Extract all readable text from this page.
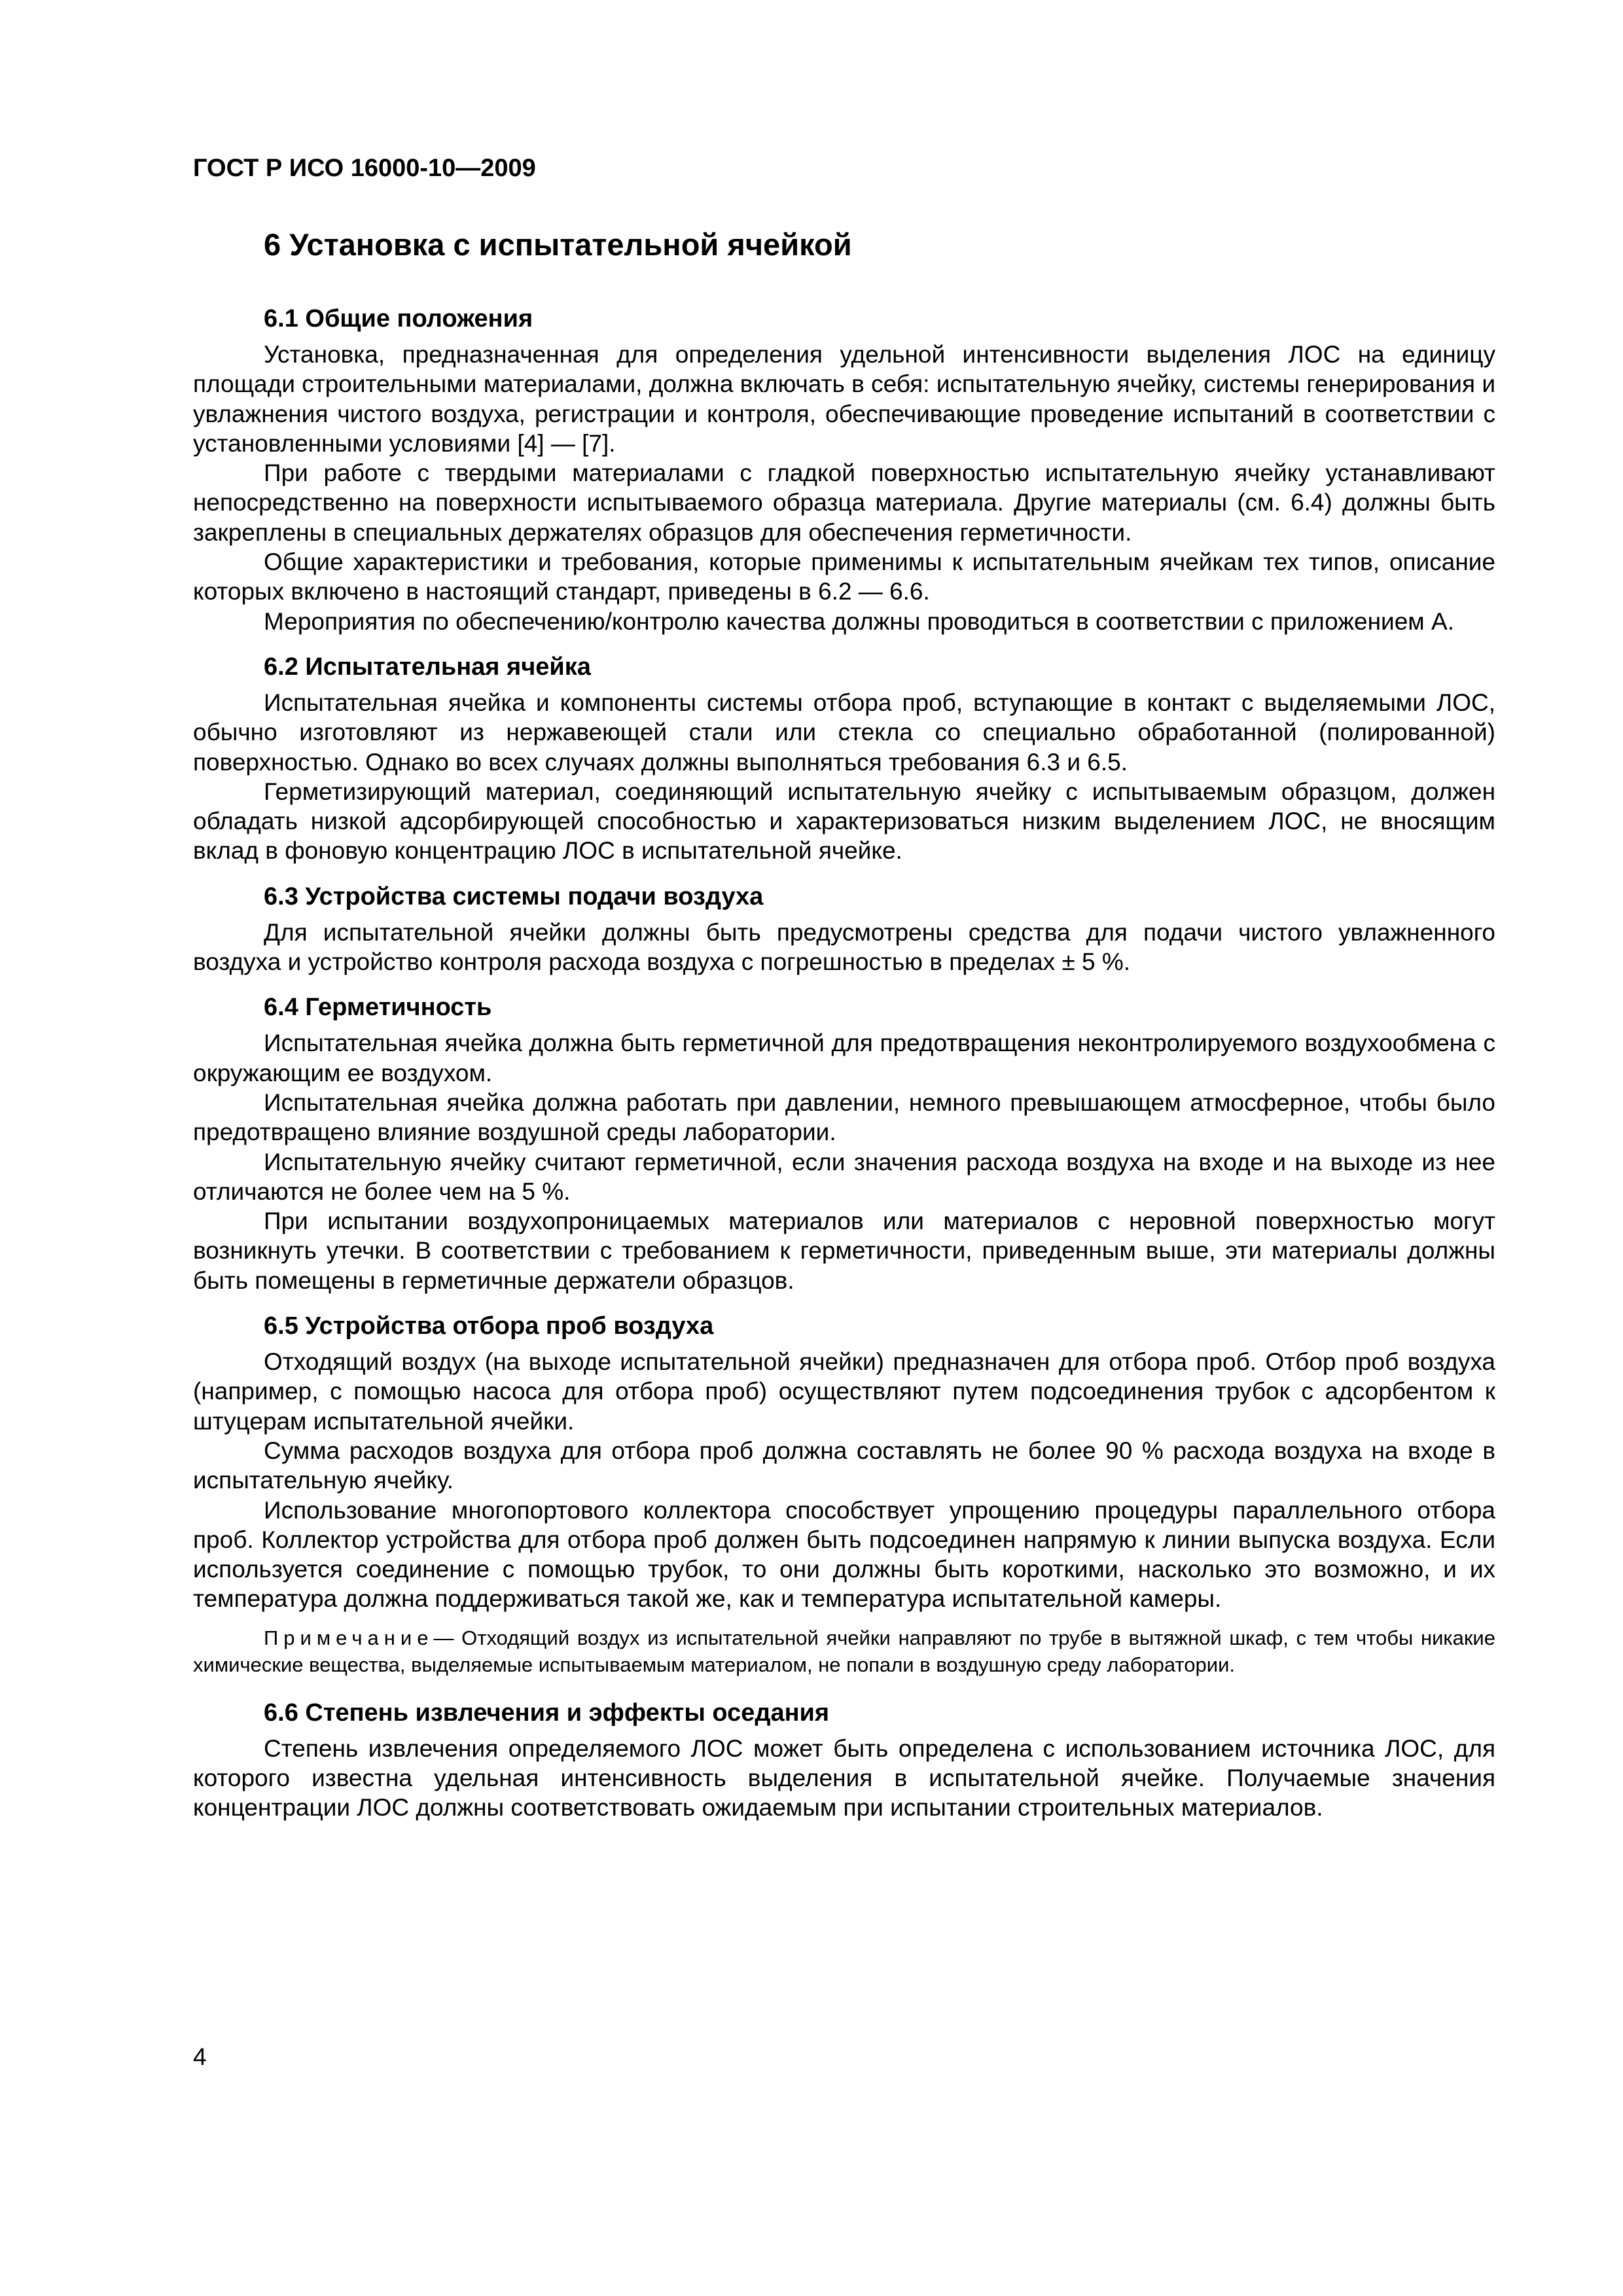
ГОСТ Р ИСО 16000-10—2009
6 Установка с испытательной ячейкой
6.1 Общие положения

Установка, предназначенная для определения удельной интенсивности выделения ЛОС на единицу площади строительными материалами, должна включать в себя: испытательную ячейку, системы генерирования и увлажнения чистого воздуха, регистрации и контроля, обеспечивающие проведение испытаний в соответствии с установленными условиями [4] — [7].

При работе с твердыми материалами с гладкой поверхностью испытательную ячейку устанавливают непосредственно на поверхности испытываемого образца материала. Другие материалы (см. 6.4) должны быть закреплены в специальных держателях образцов для обеспечения герметичности.

Общие характеристики и требования, которые применимы к испытательным ячейкам тех типов, описание которых включено в настоящий стандарт, приведены в 6.2 — 6.6.

Мероприятия по обеспечению/контролю качества должны проводиться в соответствии с приложением А.

6.2 Испытательная ячейка

Испытательная ячейка и компоненты системы отбора проб, вступающие в контакт с выделяемыми ЛОС, обычно изготовляют из нержавеющей стали или стекла со специально обработанной (полированной) поверхностью. Однако во всех случаях должны выполняться требования 6.3 и 6.5.

Герметизирующий материал, соединяющий испытательную ячейку с испытываемым образцом, должен обладать низкой адсорбирующей способностью и характеризоваться низким выделением ЛОС, не вносящим вклад в фоновую концентрацию ЛОС в испытательной ячейке.

6.3 Устройства системы подачи воздуха

Для испытательной ячейки должны быть предусмотрены средства для подачи чистого увлажненного воздуха и устройство контроля расхода воздуха с погрешностью в пределах ± 5 %.

6.4 Герметичность

Испытательная ячейка должна быть герметичной для предотвращения неконтролируемого воздухообмена с окружающим ее воздухом.

Испытательная ячейка должна работать при давлении, немного превышающем атмосферное, чтобы было предотвращено влияние воздушной среды лаборатории.

Испытательную ячейку считают герметичной, если значения расхода воздуха на входе и на выходе из нее отличаются не более чем на 5 %.

При испытании воздухопроницаемых материалов или материалов с неровной поверхностью могут возникнуть утечки. В соответствии с требованием к герметичности, приведенным выше, эти материалы должны быть помещены в герметичные держатели образцов.

6.5 Устройства отбора проб воздуха

Отходящий воздух (на выходе испытательной ячейки) предназначен для отбора проб. Отбор проб воздуха (например, с помощью насоса для отбора проб) осуществляют путем подсоединения трубок с адсорбентом к штуцерам испытательной ячейки.

Сумма расходов воздуха для отбора проб должна составлять не более 90 % расхода воздуха на входе в испытательную ячейку.

Использование многопортового коллектора способствует упрощению процедуры параллельного отбора проб. Коллектор устройства для отбора проб должен быть подсоединен напрямую к линии выпуска воздуха. Если используется соединение с помощью трубок, то они должны быть короткими, насколько это возможно, и их температура должна поддерживаться такой же, как и температура испытательной камеры.

Примечание— Отходящий воздух из испытательной ячейки направляют по трубе в вытяжной шкаф, с тем чтобы никакие химические вещества, выделяемые испытываемым материалом, не попали в воздушную среду лаборатории.

6.6 Степень извлечения и эффекты оседания

Степень извлечения определяемого ЛОС может быть определена с использованием источника ЛОС, для которого известна удельная интенсивность выделения в испытательной ячейке. Получаемые значения концентрации ЛОС должны соответствовать ожидаемым при испытании строительных материалов.

4
